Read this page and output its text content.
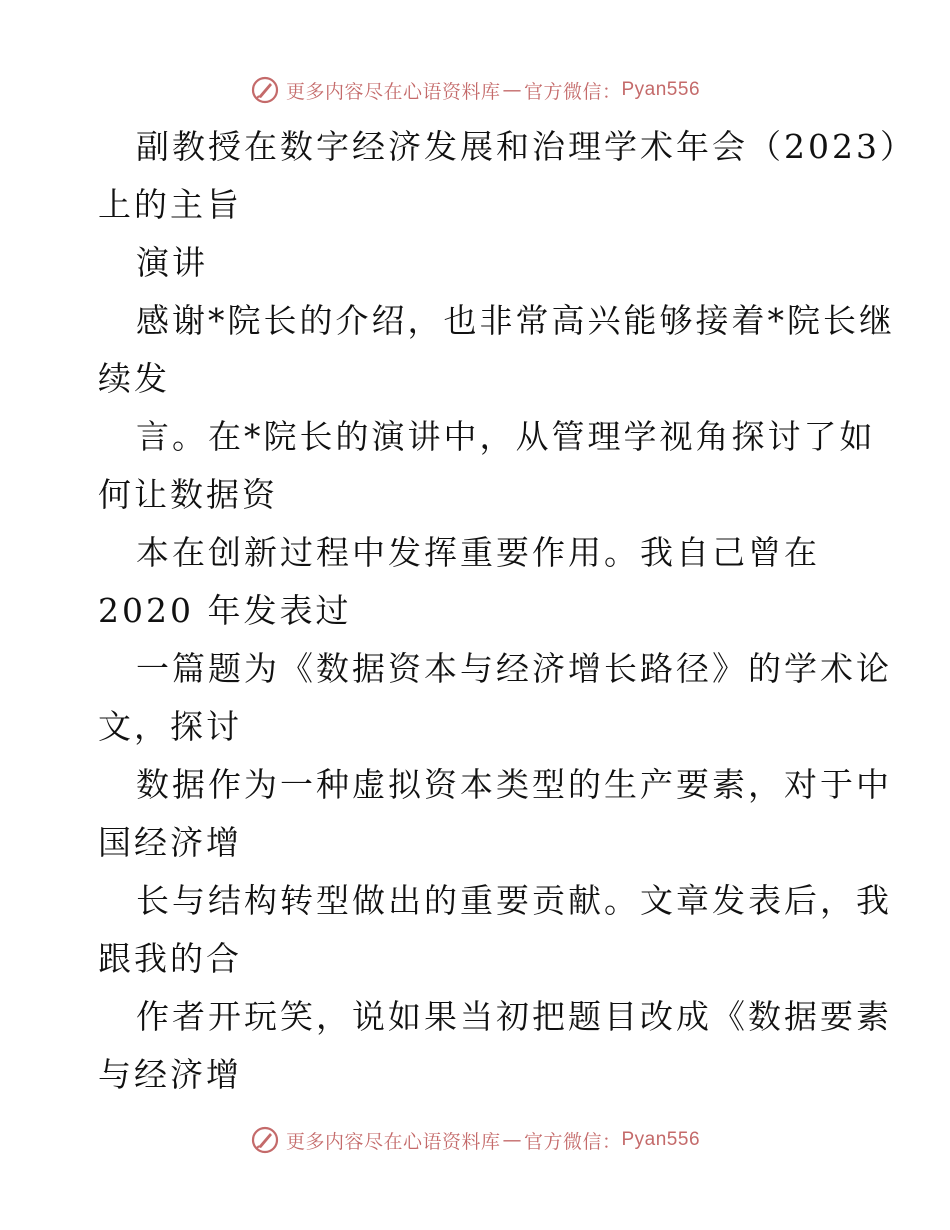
更多内容尽在心语资料库 — 官方微信： Pyan556
副教授在数字经济发展和治理学术年会（2023）
上的主旨
演讲
感谢*院长的介绍，也非常高兴能够接着*院长继
续发
言。在*院长的演讲中，从管理学视角探讨了如
何让数据资
本在创新过程中发挥重要作用。我自己曾在
2020 年发表过
一篇题为《数据资本与经济增长路径》的学术论
文，探讨
数据作为一种虚拟资本类型的生产要素，对于中
国经济增
长与结构转型做出的重要贡献。文章发表后，我
跟我的合
作者开玩笑，说如果当初把题目改成《数据要素
与经济增
更多内容尽在心语资料库 — 官方微信： Pyan556
